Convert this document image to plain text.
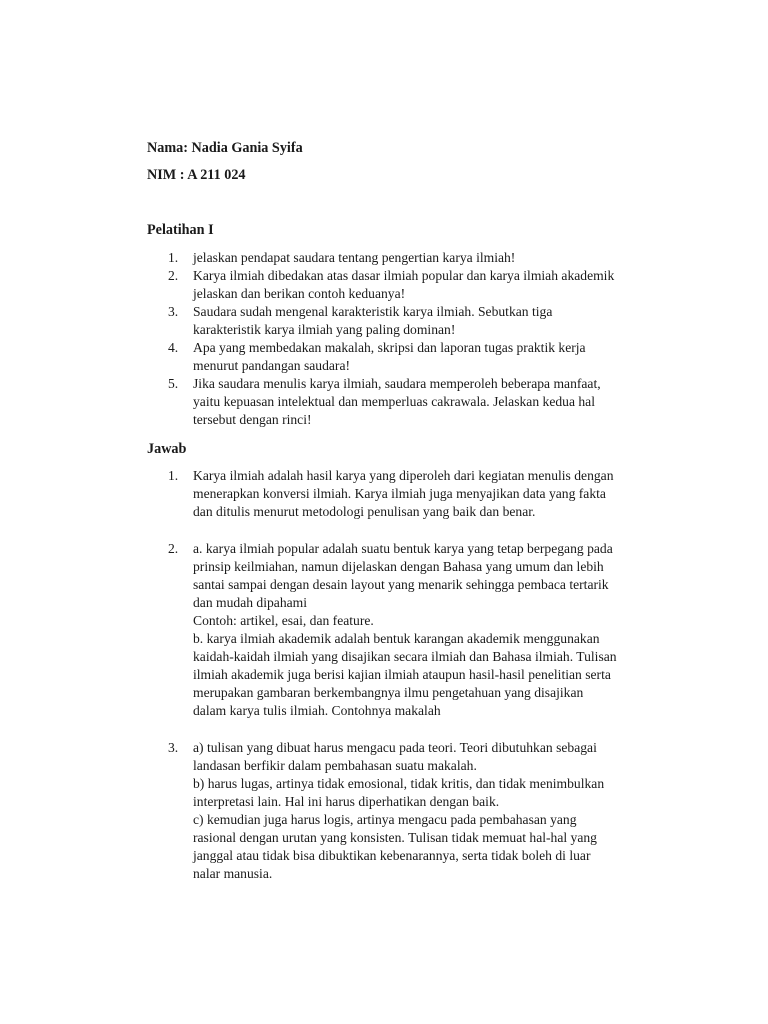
Nama: Nadia Gania Syifa
NIM : A 211 024
Pelatihan I
1. jelaskan pendapat saudara tentang pengertian karya ilmiah!
2. Karya ilmiah dibedakan atas dasar ilmiah popular dan karya ilmiah akademik
jelaskan dan berikan contoh keduanya!
3. Saudara sudah mengenal karakteristik karya ilmiah. Sebutkan tiga
karakteristik karya ilmiah yang paling dominan!
4. Apa yang membedakan makalah, skripsi dan laporan tugas praktik kerja
menurut pandangan saudara!
5. Jika saudara menulis karya ilmiah, saudara memperoleh beberapa manfaat,
yaitu kepuasan intelektual dan memperluas cakrawala. Jelaskan kedua hal
tersebut dengan rinci!
Jawab
1. Karya ilmiah adalah hasil karya yang diperoleh dari kegiatan menulis dengan
menerapkan konversi ilmiah. Karya ilmiah juga menyajikan data yang fakta
dan ditulis menurut metodologi penulisan yang baik dan benar.
2. a. karya ilmiah popular adalah suatu bentuk karya yang tetap berpegang pada
prinsip keilmiahan, namun dijelaskan dengan Bahasa yang umum dan lebih
santai sampai dengan desain layout yang menarik sehingga pembaca tertarik
dan mudah dipahami
Contoh: artikel, esai, dan feature.
b. karya ilmiah akademik adalah bentuk karangan akademik menggunakan
kaidah-kaidah ilmiah yang disajikan secara ilmiah dan Bahasa ilmiah. Tulisan
ilmiah akademik juga berisi kajian ilmiah ataupun hasil-hasil penelitian serta
merupakan gambaran berkembangnya ilmu pengetahuan yang disajikan
dalam karya tulis ilmiah. Contohnya makalah
3. a) tulisan yang dibuat harus mengacu pada teori. Teori dibutuhkan sebagai
landasan berfikir dalam pembahasan suatu makalah.
b) harus lugas, artinya tidak emosional, tidak kritis, dan tidak menimbulkan
interpretasi lain. Hal ini harus diperhatikan dengan baik.
c) kemudian juga harus logis, artinya mengacu pada pembahasan yang
rasional dengan urutan yang konsisten. Tulisan tidak memuat hal-hal yang
janggal atau tidak bisa dibuktikan kebenarannya, serta tidak boleh di luar
nalar manusia.
